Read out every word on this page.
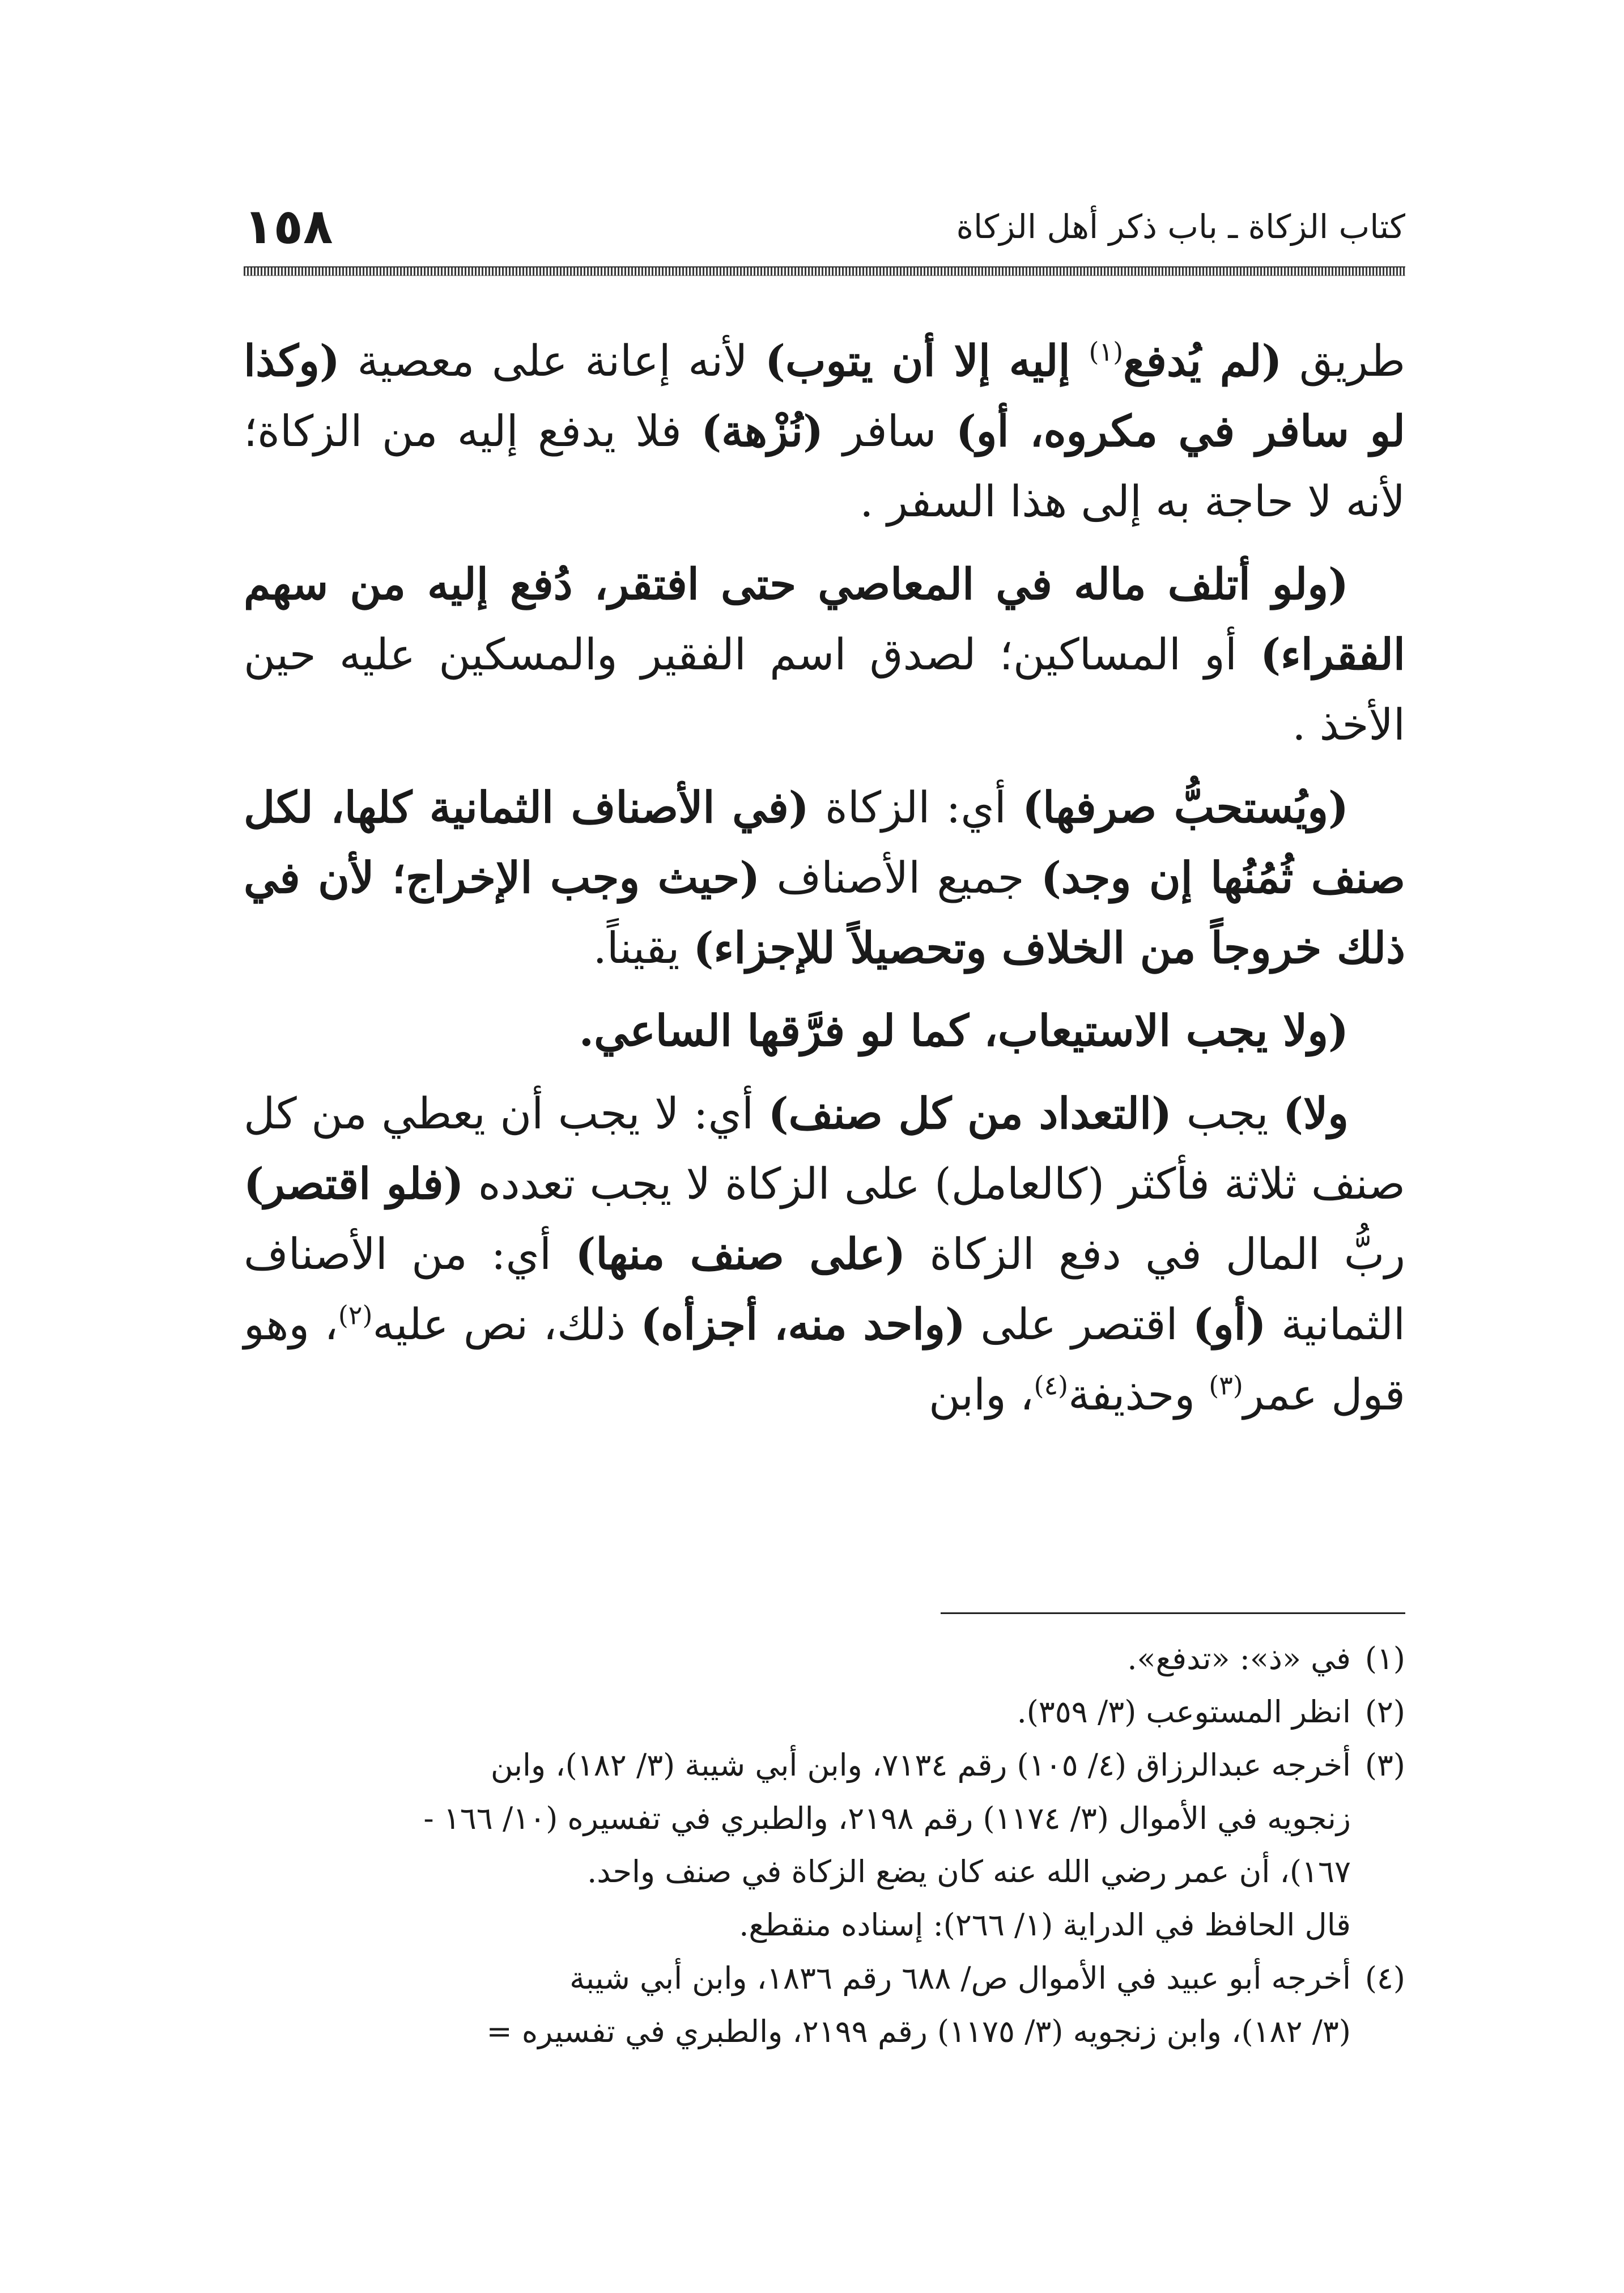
١٥٨	كتاب الزكاة ـ باب ذكر أهل الزكاة

طريق (لم يُدفع$^{(١)}$ إليه إلا أن يتوب) لأنه إعانة على معصية (وكذا لو سافر في مكروه، أو) سافر (نُزْهة) فلا يدفع إليه من الزكاة؛ لأنه لا حاجة به إلى هذا السفر .

(ولو أتلف ماله في المعاصي حتى افتقر، دُفع إليه من سهم الفقراء) أو المساكين؛ لصدق اسم الفقير والمسكين عليه حين الأخذ .

(ويُستحبُّ صرفها) أي: الزكاة (في الأصناف الثمانية كلها، لكل صنف ثُمُنُها إن وجد) جميع الأصناف (حيث وجب الإخراج؛ لأن في ذلك خروجاً من الخلاف وتحصيلاً للإجزاء) يقيناً.

(ولا يجب الاستيعاب، كما لو فرَّقها الساعي.

ولا) يجب (التعداد من كل صنف) أي: لا يجب أن يعطي من كل صنف ثلاثة فأكثر (كالعامل) على الزكاة لا يجب تعدده (فلو اقتصر) ربُّ المال في دفع الزكاة (على صنف منها) أي: من الأصناف الثمانية (أو) اقتصر على (واحد منه، أجزأه) ذلك، نص عليه$^{(٢)}$، وهو قول عمر$^{(٣)}$ وحذيفة$^{(٤)}$، وابن

(١)
في «ذ»: «تدفع».
(٢)
انظر المستوعب (٣/ ٣٥٩).
(٣)
أخرجه عبدالرزاق (٤/ ١٠٥) رقم ٧١٣٤، وابن أبي شيبة (٣/ ١٨٢)، وابن
زنجويه في الأموال (٣/ ١١٧٤) رقم ٢١٩٨، والطبري في تفسيره (١٠/ ١٦٦ -
١٦٧)، أن عمر رضي الله عنه كان يضع الزكاة في صنف واحد.
قال الحافظ في الدراية (١/ ٢٦٦): إسناده منقطع.
(٤)
أخرجه أبو عبيد في الأموال ص/ ٦٨٨ رقم ١٨٣٦، وابن أبي شيبة
(٣/ ١٨٢)، وابن زنجويه (٣/ ١١٧٥) رقم ٢١٩٩، والطبري في تفسيره =
